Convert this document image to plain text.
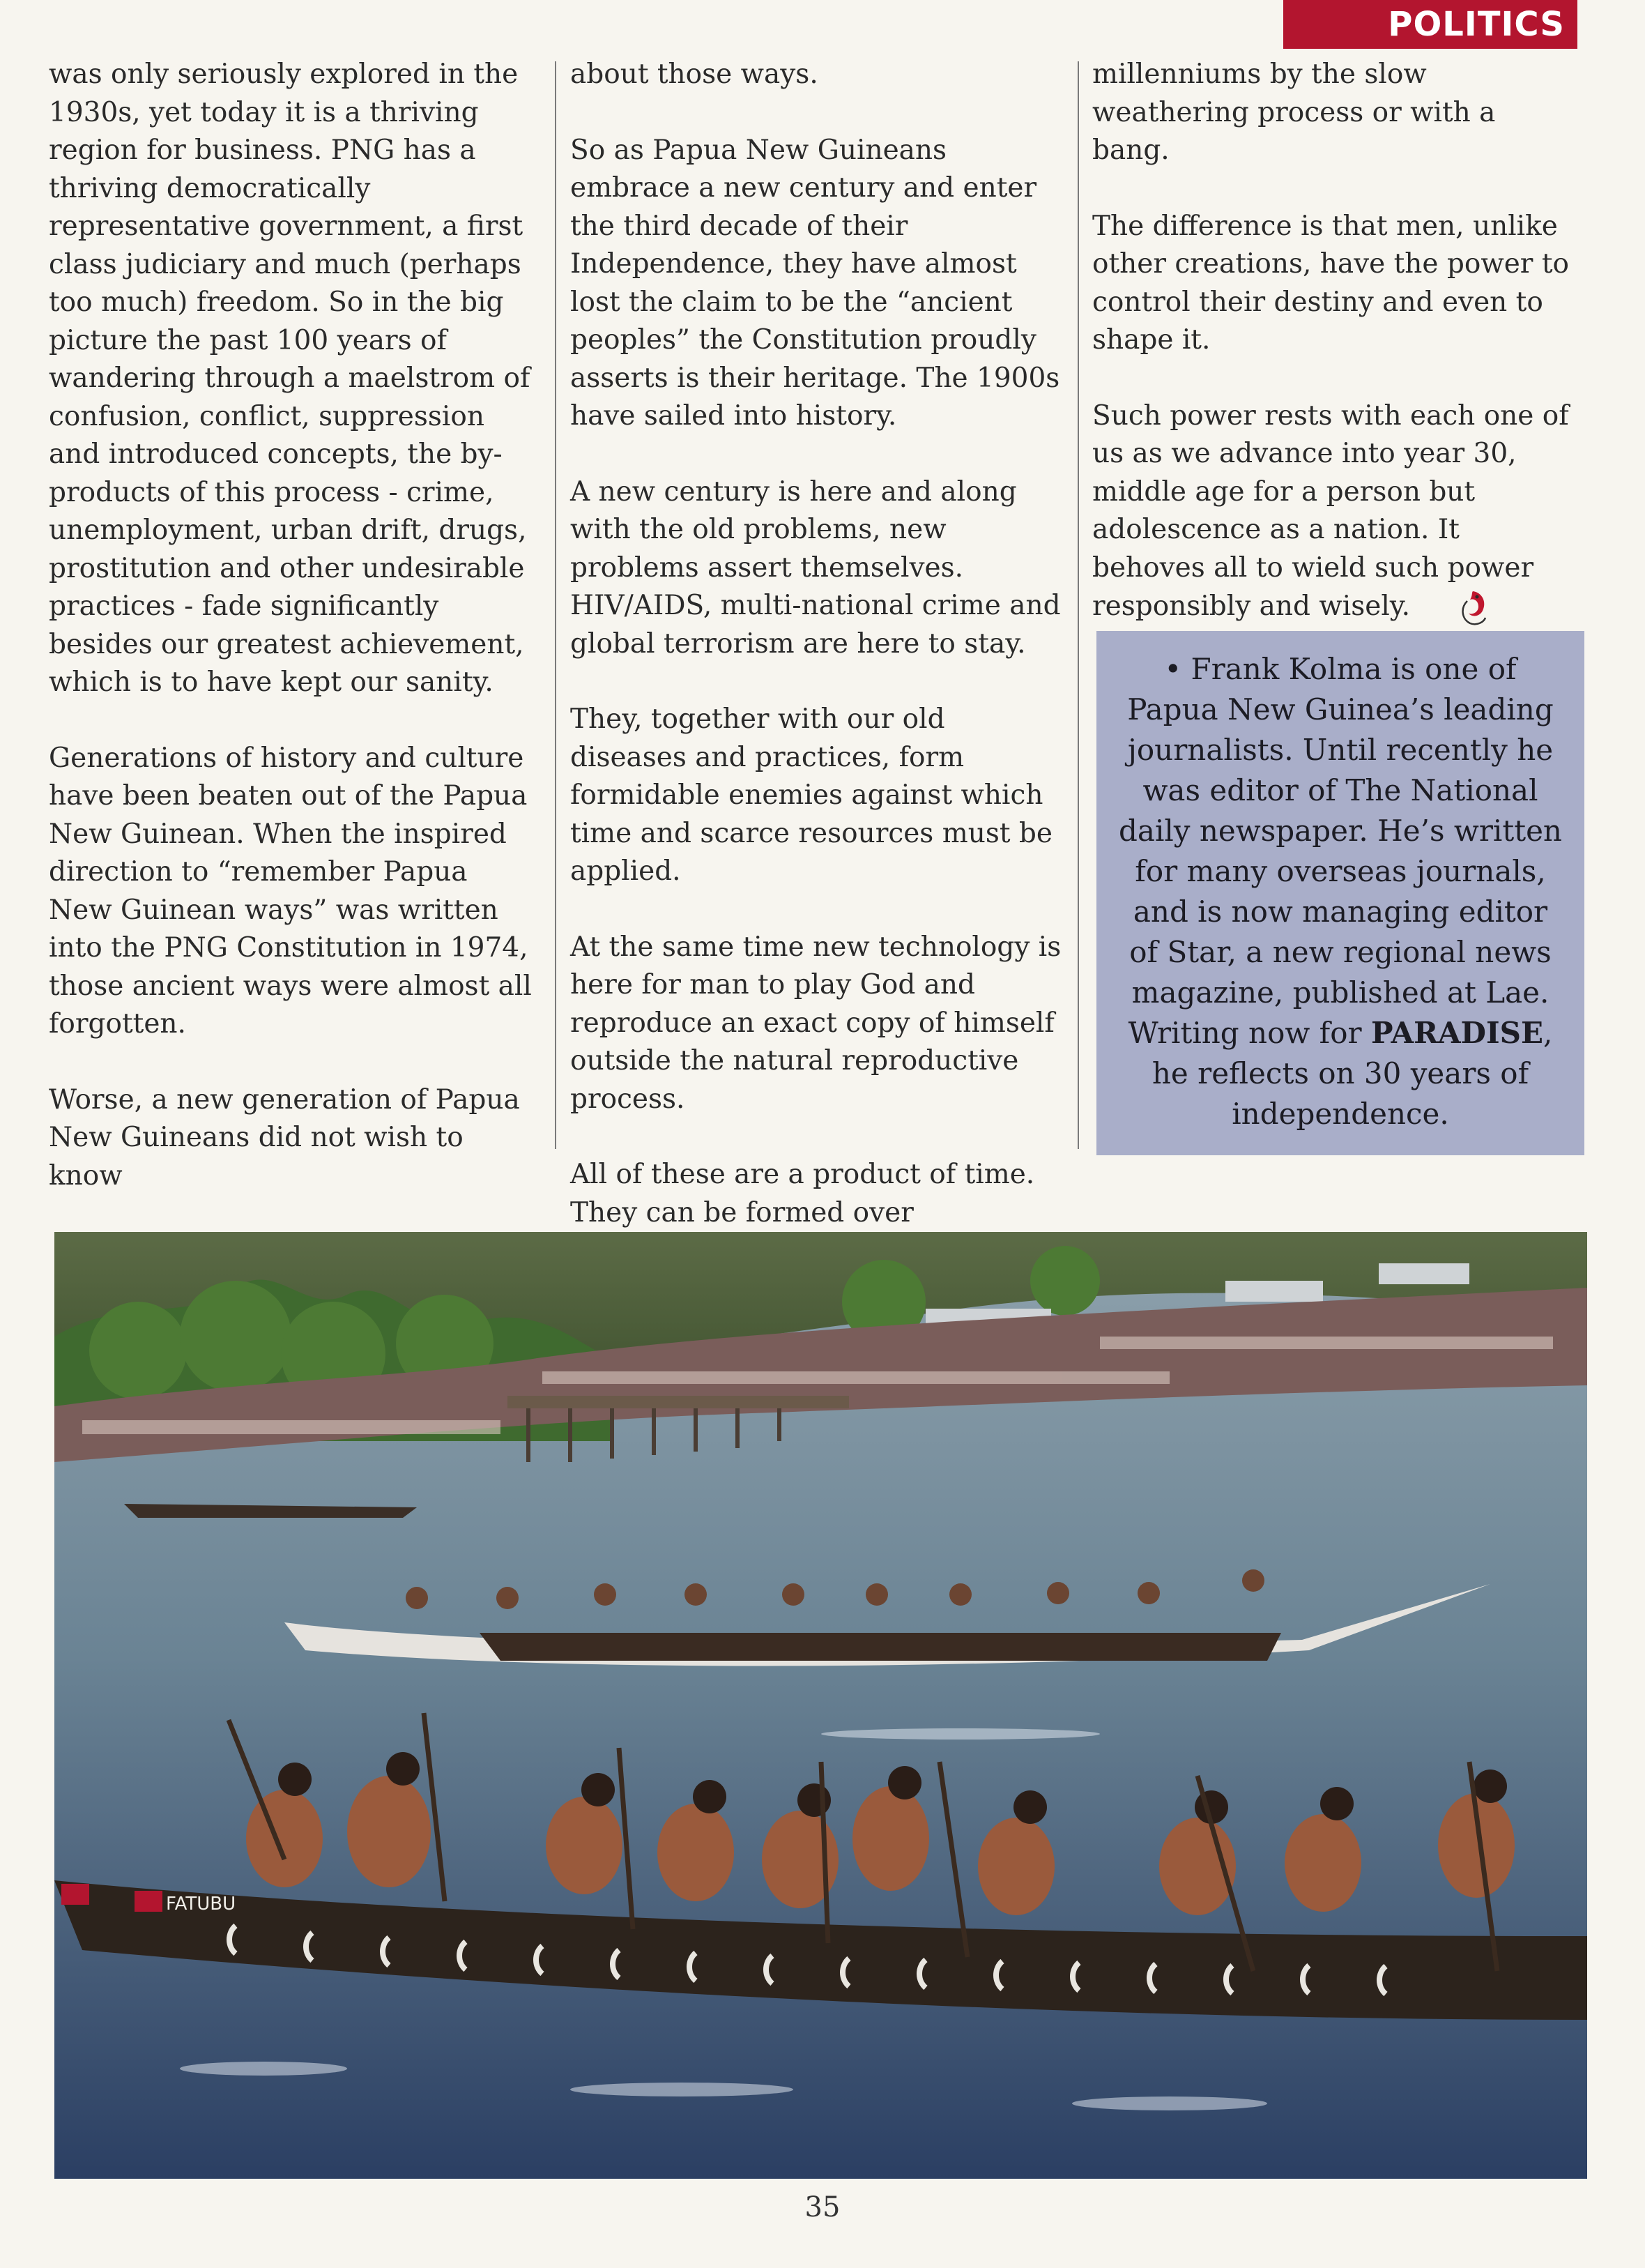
POLITICS

was only seriously explored in the 1930s, yet today it is a thriving region for business. PNG has a thriving democratically representative government, a first class judiciary and much (perhaps too much) freedom. So in the big picture the past 100 years of wandering through a maelstrom of confusion, conflict, suppression and introduced concepts, the by-products of this process - crime, unemployment, urban drift, drugs, prostitution and other undesirable practices - fade significantly besides our greatest achievement, which is to have kept our sanity.

Generations of history and culture have been beaten out of the Papua New Guinean. When the inspired direction to “remember Papua New Guinean ways” was written into the PNG Constitution in 1974, those ancient ways were almost all forgotten.

Worse, a new generation of Papua New Guineans did not wish to know

about those ways.

So as Papua New Guineans embrace a new century and enter the third decade of their Independence, they have almost lost the claim to be the “ancient peoples” the Constitution proudly asserts is their heritage. The 1900s have sailed into history.

A new century is here and along with the old problems, new problems assert themselves. HIV/AIDS, multi-national crime and global terrorism are here to stay.

They, together with our old diseases and practices, form formidable enemies against which time and scarce resources must be applied.

At the same time new technology is here for man to play God and reproduce an exact copy of himself outside the natural reproductive process.

All of these are a product of time. They can be formed over

millenniums by the slow weathering process or with a bang.

The difference is that men, unlike other creations, have the power to control their destiny and even to shape it.

Such power rests with each one of us as we advance into year 30, middle age for a person but adolescence as a nation. It behoves all to wield such power responsibly and wisely.

• Frank Kolma is one of Papua New Guinea’s leading journalists. Until recently he was editor of The National daily newspaper. He’s written for many overseas journals, and is now managing editor of Star, a new regional news magazine, published at Lae. Writing now for PARADISE, he reflects on 30 years of independence.

FATUBU
35
